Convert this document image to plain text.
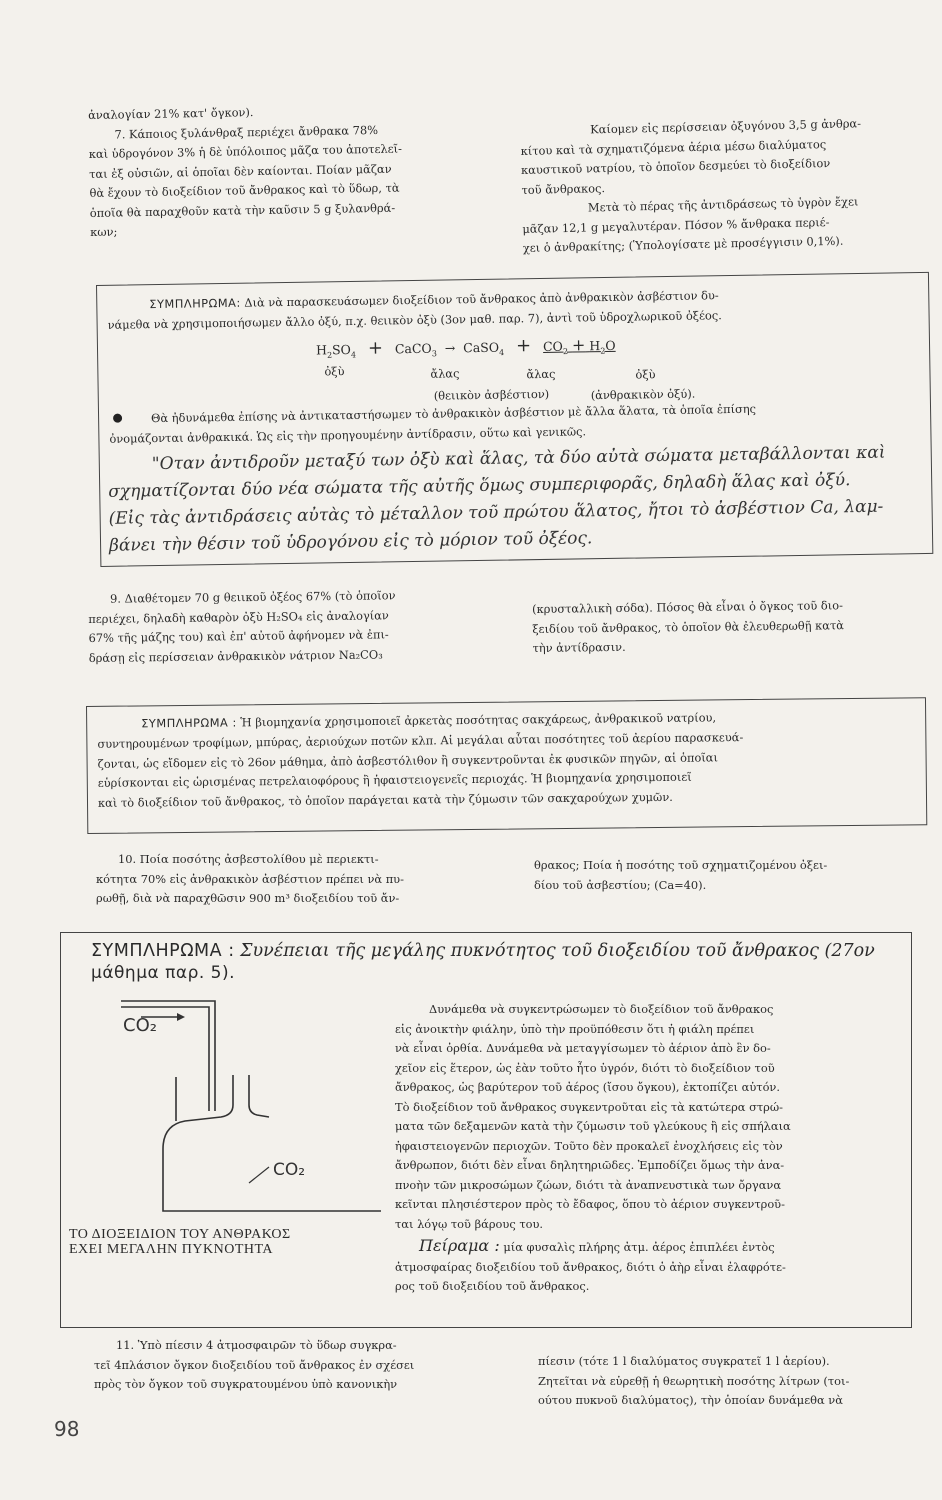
ἀναλογίαν 21% κατ' ὄγκον).

7. Κάποιος ξυλάνθραξ περιέχει ἄνθρακα 78%

καὶ ὑδρογόνον 3% ἡ δὲ ὑπόλοιπος μᾶζα του ἀποτελεῖ-

ται ἐξ οὐσιῶν, αἱ ὁποῖαι δὲν καίονται. Ποίαν μᾶζαν

θὰ ἔχουν τὸ διοξείδιον τοῦ ἄνθρακος καὶ τὸ ὕδωρ, τὰ

ὁποῖα θὰ παραχθοῦν κατὰ τὴν καῦσιν 5 g ξυλανθρά-

κων;

Καίομεν εἰς περίσσειαν ὀξυγόνου 3,5 g ἀνθρα-

κίτου καὶ τὰ σχηματιζόμενα ἀέρια μέσω διαλύματος

καυστικοῦ νατρίου, τὸ ὁποῖον δεσμεύει τὸ διοξείδιον

τοῦ ἄνθρακος.

Μετὰ τὸ πέρας τῆς ἀντιδράσεως τὸ ὑγρὸν ἔχει

μᾶζαν 12,1 g μεγαλυτέραν. Πόσον % ἄνθρακα περιέ-

χει ὁ ἀνθρακίτης; (Ὑπολογίσατε μὲ προσέγγισιν 0,1%).

ΣΥΜΠΛΗΡΩΜΑ: Διὰ νὰ παρασκευάσωμεν διοξείδιον τοῦ ἄνθρακος ἀπὸ ἀνθρακικὸν ἀσβέστιον δυ-
νάμεθα νὰ χρησιμοποιήσωμεν ἄλλο ὀξύ, π.χ. θειικὸν ὀξὺ (3ον μαθ. παρ. 7), ἀντὶ τοῦ ὑδροχλωρικοῦ ὀξέος.
$H_2SO_4$ + CaCO$_3$ → CaSO$_4$ + $CO_2 + H_2O$
ὀξὺ	ἄλας	ἄλας	ὀξὺ
(θειικὸν ἀσβέστιον)	(ἀνθρακικὸν ὀξύ).
Θὰ ἠδυνάμεθα ἐπίσης νὰ ἀντικαταστήσωμεν τὸ ἀνθρακικὸν ἀσβέστιον μὲ ἄλλα ἅλατα, τὰ ὁποῖα ἐπίσης
ὀνομάζονται ἀνθρακικά. Ὡς εἰς τὴν προηγουμένην ἀντίδρασιν, οὕτω καὶ γενικῶς.

"Οταν ἀντιδροῦν μεταξύ των ὀξὺ καὶ ἅλας, τὰ δύο αὐτὰ σώματα μεταβάλλονται καὶ

σχηματίζονται δύο νέα σώματα τῆς αὐτῆς ὅμως συμπεριφορᾶς, δηλαδὴ ἅλας καὶ ὀξύ.

(Εἰς τὰς ἀντιδράσεις αὐτὰς τὸ μέταλλον τοῦ πρώτου ἅλατος, ἤτοι τὸ ἀσβέστιον Ca, λαμ-

βάνει τὴν θέσιν τοῦ ὑδρογόνου εἰς τὸ μόριον τοῦ ὀξέος.

9. Διαθέτομεν 70 g θειικοῦ ὀξέος 67% (τὸ ὁποῖον

περιέχει, δηλαδὴ καθαρὸν ὀξὺ H₂SO₄ εἰς ἀναλογίαν

67% τῆς μάζης του) καὶ ἐπ' αὐτοῦ ἀφήνομεν νὰ ἐπι-

δράσῃ εἰς περίσσειαν ἀνθρακικὸν νάτριον Na₂CO₃

(κρυσταλλικὴ σόδα). Πόσος θὰ εἶναι ὁ ὄγκος τοῦ διο-

ξειδίου τοῦ ἄνθρακος, τὸ ὁποῖον θὰ ἐλευθερωθῇ κατὰ

τὴν ἀντίδρασιν.

ΣΥΜΠΛΗΡΩΜΑ : Ἡ βιομηχανία χρησιμοποιεῖ ἀρκετὰς ποσότητας σακχάρεως, ἀνθρακικοῦ νατρίου,

συντηρουμένων τροφίμων, μπύρας, ἀεριούχων ποτῶν κλπ. Αἱ μεγάλαι αὗται ποσότητες τοῦ ἀερίου παρασκευά-

ζονται, ὡς εἴδομεν εἰς τὸ 26ον μάθημα, ἀπὸ ἀσβεστόλιθον ἢ συγκεντροῦνται ἐκ φυσικῶν πηγῶν, αἱ ὁποῖαι

εὑρίσκονται εἰς ὡρισμένας πετρελαιοφόρους ἢ ἡφαιστειογενεῖς περιοχάς. Ἡ βιομηχανία χρησιμοποιεῖ

καὶ τὸ διοξείδιον τοῦ ἄνθρακος, τὸ ὁποῖον παράγεται κατὰ τὴν ζύμωσιν τῶν σακχαρούχων χυμῶν.

10. Ποία ποσότης ἀσβεστολίθου μὲ περιεκτι-

κότητα 70% εἰς ἀνθρακικὸν ἀσβέστιον πρέπει νὰ πυ-

ρωθῇ, διὰ νὰ παραχθῶσιν 900 m³ διοξειδίου τοῦ ἄν-

θρακος; Ποία ἡ ποσότης τοῦ σχηματιζομένου ὀξει-

δίου τοῦ ἀσβεστίου; (Ca=40).

ΣΥΜΠΛΗΡΩΜΑ : Συνέπειαι τῆς μεγάλης πυκνότητος τοῦ διοξειδίου τοῦ ἄνθρακος (27ον
μάθημα παρ. 5).
CO₂
CO₂
ΤΟ ΔΙΟΞΕΙΔΙΟΝ ΤΟΥ ΑΝΘΡΑΚΟΣ
ΕΧΕΙ ΜΕΓΑΛΗΝ ΠΥΚΝΟΤΗΤΑ

Δυνάμεθα νὰ συγκεντρώσωμεν τὸ διοξείδιον τοῦ ἄνθρακος

εἰς ἀνοικτὴν φιάλην, ὑπὸ τὴν προϋπόθεσιν ὅτι ἡ φιάλη πρέπει

νὰ εἶναι ὀρθία. Δυνάμεθα νὰ μεταγγίσωμεν τὸ ἀέριον ἀπὸ ἓν δο-

χεῖον εἰς ἕτερον, ὡς ἐὰν τοῦτο ἦτο ὑγρόν, διότι τὸ διοξείδιον τοῦ

ἄνθρακος, ὡς βαρύτερον τοῦ ἀέρος (ἴσου ὄγκου), ἐκτοπίζει αὐτόν.

Τὸ διοξείδιον τοῦ ἄνθρακος συγκεντροῦται εἰς τὰ κατώτερα στρώ-

ματα τῶν δεξαμενῶν κατὰ τὴν ζύμωσιν τοῦ γλεύκους ἢ εἰς σπήλαια

ἡφαιστειογενῶν περιοχῶν. Τοῦτο δὲν προκαλεῖ ἐνοχλήσεις εἰς τὸν

ἄνθρωπον, διότι δὲν εἶναι δηλητηριῶδες. Ἐμποδίζει ὅμως τὴν ἀνα-

πνοὴν τῶν μικροσώμων ζώων, διότι τὰ ἀναπνευστικὰ των ὄργανα

κεῖνται πλησιέστερον πρὸς τὸ ἔδαφος, ὅπου τὸ ἀέριον συγκεντροῦ-

ται λόγῳ τοῦ βάρους του.

Πείραμα : μία φυσαλὶς πλήρης ἀτμ. ἀέρος ἐπιπλέει ἐντὸς

ἀτμοσφαίρας διοξειδίου τοῦ ἄνθρακος, διότι ὁ ἀὴρ εἶναι ἐλαφρότε-

ρος τοῦ διοξειδίου τοῦ ἄνθρακος.

11. Ὑπὸ πίεσιν 4 ἀτμοσφαιρῶν τὸ ὕδωρ συγκρα-

τεῖ 4πλάσιον ὄγκον διοξειδίου τοῦ ἄνθρακος ἐν σχέσει

πρὸς τὸν ὄγκον τοῦ συγκρατουμένου ὑπὸ κανονικὴν

πίεσιν (τότε 1 l διαλύματος συγκρατεῖ 1 l ἀερίου).

Ζητεῖται νὰ εὑρεθῇ ἡ θεωρητικὴ ποσότης λίτρων (τοι-

ούτου πυκνοῦ διαλύματος), τὴν ὁποίαν δυνάμεθα νὰ

98
